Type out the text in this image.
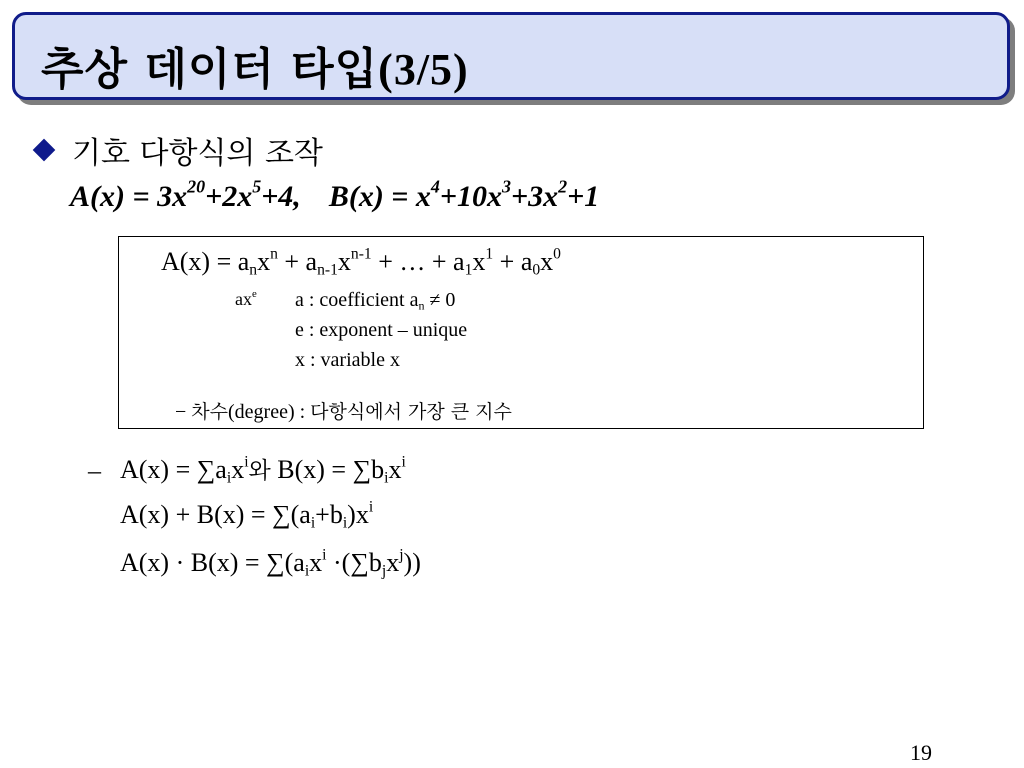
추상 데이터 타입(3/5)
기호 다항식의 조작
$A(x) = 3x^{20}+2x^5+4$, $B(x) = x^4+10x^3+3x^2+1$
$A(x) = a_nx^n + a_{n-1}x^{n-1}$ + … + $a_1x^1 + a_0x^0$
$ax^e$ a : coefficient $a_n \ne 0$
e : exponent – unique
x : variable x
− 차수(degree) : 다항식에서 가장 큰 지수
– $A(x) = \sum a_ix^i$와 $B(x) = \sum b_ix^i$
$A(x) + B(x) = \sum(a_i+b_i)x^i$
$A(x) \cdot B(x) = \sum(a_ix^i \cdot(\sum b_jx^j))$
19
